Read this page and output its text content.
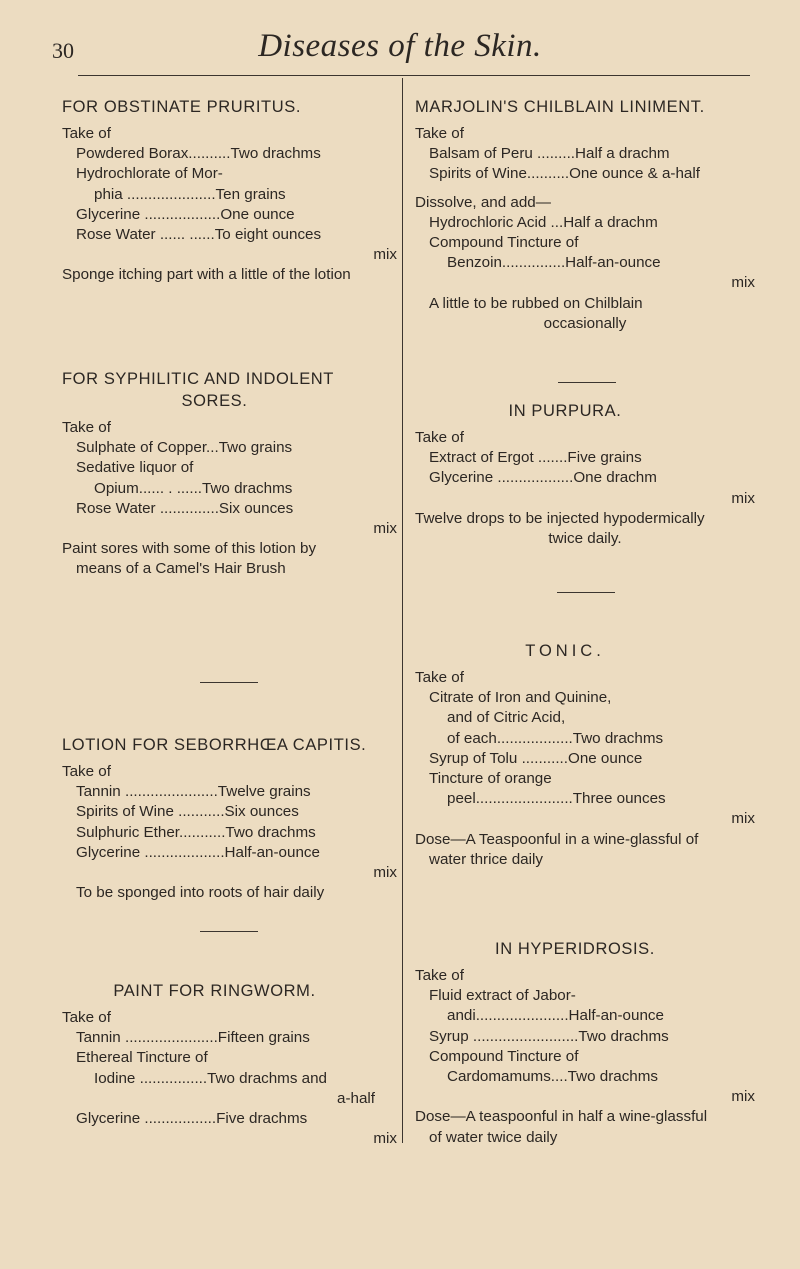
30	Diseases of the Skin.
FOR OBSTINATE PRURITUS.
Take of
Powdered Borax..........Two drachms
Hydrochlorate of Mor-
phia .....................Ten grains
Glycerine ..................One ounce
Rose Water ...... ......To eight ounces
mix
Sponge itching part with a little of the lotion
FOR SYPHILITIC AND INDOLENT
SORES.
Take of
Sulphate of Copper...Two grains
Sedative liquor of
Opium...... . ......Two drachms
Rose Water ..............Six ounces
mix
Paint sores with some of this lotion by
means of a Camel's Hair Brush
LOTION FOR SEBORRHŒA CAPITIS.
Take of
Tannin ......................Twelve grains
Spirits of Wine ...........Six ounces
Sulphuric Ether...........Two drachms
Glycerine ...................Half-an-ounce
mix
To be sponged into roots of hair daily
PAINT FOR RINGWORM.
Take of
Tannin ......................Fifteen grains
Ethereal Tincture of
Iodine ................Two drachms and
a-half
Glycerine .................Five drachms
mix
MARJOLIN'S CHILBLAIN LINIMENT.
Take of
Balsam of Peru .........Half a drachm
Spirits of Wine..........One ounce & a-half
Dissolve, and add—
Hydrochloric Acid ...Half a drachm
Compound Tincture of
Benzoin...............Half-an-ounce
mix
A little to be rubbed on Chilblain
occasionally
IN PURPURA.
Take of
Extract of Ergot .......Five grains
Glycerine ..................One drachm
mix
Twelve drops to be injected hypodermically
twice daily.
TONIC.
Take of
Citrate of Iron and Quinine,
and of Citric Acid,
of each..................Two drachms
Syrup of Tolu ...........One ounce
Tincture of orange
peel.......................Three ounces
mix
Dose—A Teaspoonful in a wine-glassful of
water thrice daily
IN HYPERIDROSIS.
Take of
Fluid extract of Jabor-
andi......................Half-an-ounce
Syrup .........................Two drachms
Compound Tincture of
Cardomamums....Two drachms
mix
Dose—A teaspoonful in half a wine-glassful
of water twice daily
